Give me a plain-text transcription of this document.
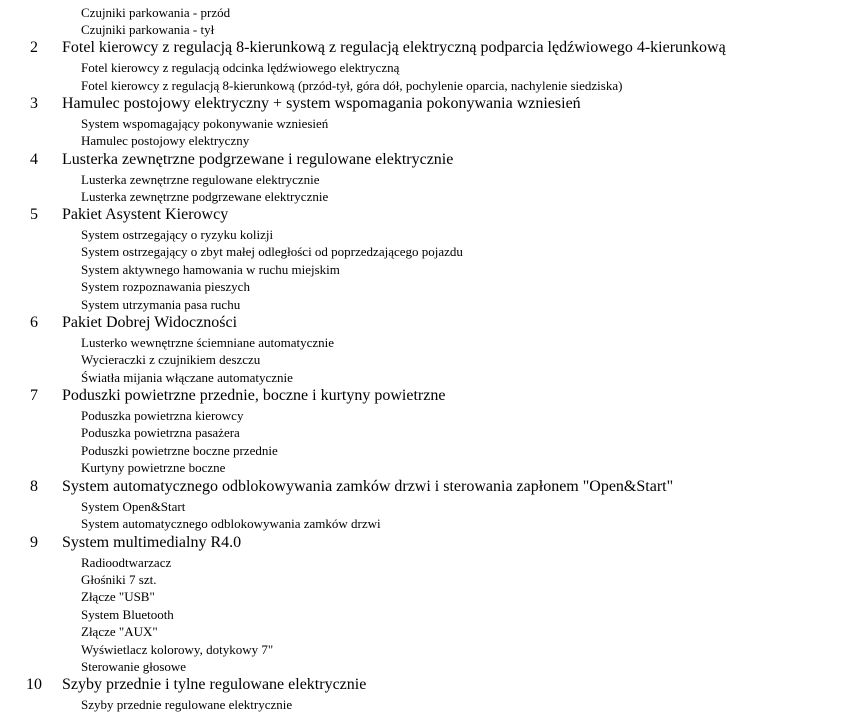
Czujniki parkowania - przód
Czujniki parkowania - tył
2	Fotel kierowcy z regulacją 8-kierunkową z regulacją elektryczną podparcia lędźwiowego 4-kierunkową
Fotel kierowcy z regulacją odcinka lędźwiowego elektryczną
Fotel kierowcy z regulacją 8-kierunkową (przód-tył, góra dół, pochylenie oparcia, nachylenie siedziska)
3	Hamulec postojowy elektryczny + system wspomagania pokonywania wzniesień
System wspomagający pokonywanie wzniesień
Hamulec postojowy elektryczny
4	Lusterka zewnętrzne podgrzewane i regulowane elektrycznie
Lusterka zewnętrzne regulowane elektrycznie
Lusterka zewnętrzne podgrzewane elektrycznie
5	Pakiet Asystent Kierowcy
System ostrzegający o ryzyku kolizji
System ostrzegający o zbyt małej odległości od poprzedzającego pojazdu
System aktywnego hamowania w ruchu miejskim
System rozpoznawania pieszych
System utrzymania pasa ruchu
6	Pakiet Dobrej Widoczności
Lusterko wewnętrzne ściemniane automatycznie
Wycieraczki z czujnikiem deszczu
Światła mijania włączane automatycznie
7	Poduszki powietrzne przednie, boczne i kurtyny powietrzne
Poduszka powietrzna kierowcy
Poduszka powietrzna pasażera
Poduszki powietrzne boczne przednie
Kurtyny powietrzne boczne
8	System automatycznego odblokowywania zamków drzwi i sterowania zapłonem "Open&Start"
System Open&Start
System automatycznego odblokowywania zamków drzwi
9	System multimedialny R4.0
Radioodtwarzacz
Głośniki 7 szt.
Złącze "USB"
System Bluetooth
Złącze "AUX"
Wyświetlacz kolorowy, dotykowy 7"
Sterowanie głosowe
10 Szyby przednie i tylne regulowane elektrycznie
Szyby przednie regulowane elektrycznie
